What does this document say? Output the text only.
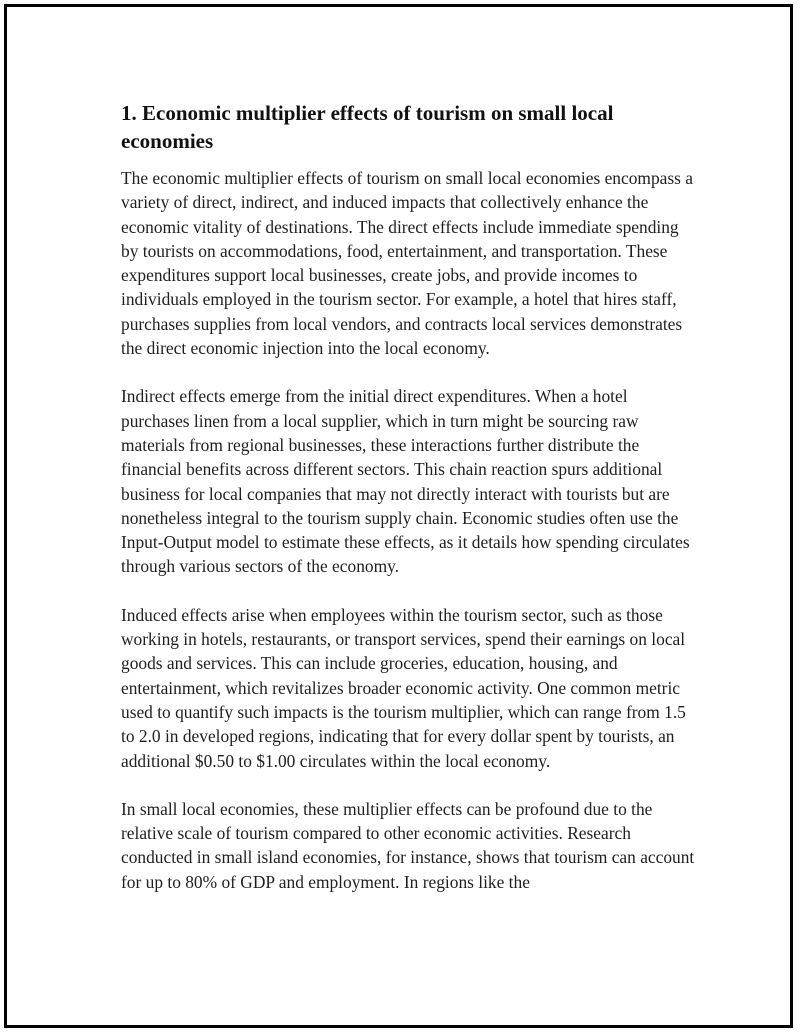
1. Economic multiplier effects of tourism on small local economies

The economic multiplier effects of tourism on small local economies encompass a variety of direct, indirect, and induced impacts that collectively enhance the economic vitality of destinations. The direct effects include immediate spending by tourists on accommodations, food, entertainment, and transportation. These expenditures support local businesses, create jobs, and provide incomes to individuals employed in the tourism sector. For example, a hotel that hires staff, purchases supplies from local vendors, and contracts local services demonstrates the direct economic injection into the local economy.

Indirect effects emerge from the initial direct expenditures. When a hotel purchases linen from a local supplier, which in turn might be sourcing raw materials from regional businesses, these interactions further distribute the financial benefits across different sectors. This chain reaction spurs additional business for local companies that may not directly interact with tourists but are nonetheless integral to the tourism supply chain. Economic studies often use the Input-Output model to estimate these effects, as it details how spending circulates through various sectors of the economy.

Induced effects arise when employees within the tourism sector, such as those working in hotels, restaurants, or transport services, spend their earnings on local goods and services. This can include groceries, education, housing, and entertainment, which revitalizes broader economic activity. One common metric used to quantify such impacts is the tourism multiplier, which can range from 1.5 to 2.0 in developed regions, indicating that for every dollar spent by tourists, an additional $0.50 to $1.00 circulates within the local economy.

In small local economies, these multiplier effects can be profound due to the relative scale of tourism compared to other economic activities. Research conducted in small island economies, for instance, shows that tourism can account for up to 80% of GDP and employment. In regions like the
